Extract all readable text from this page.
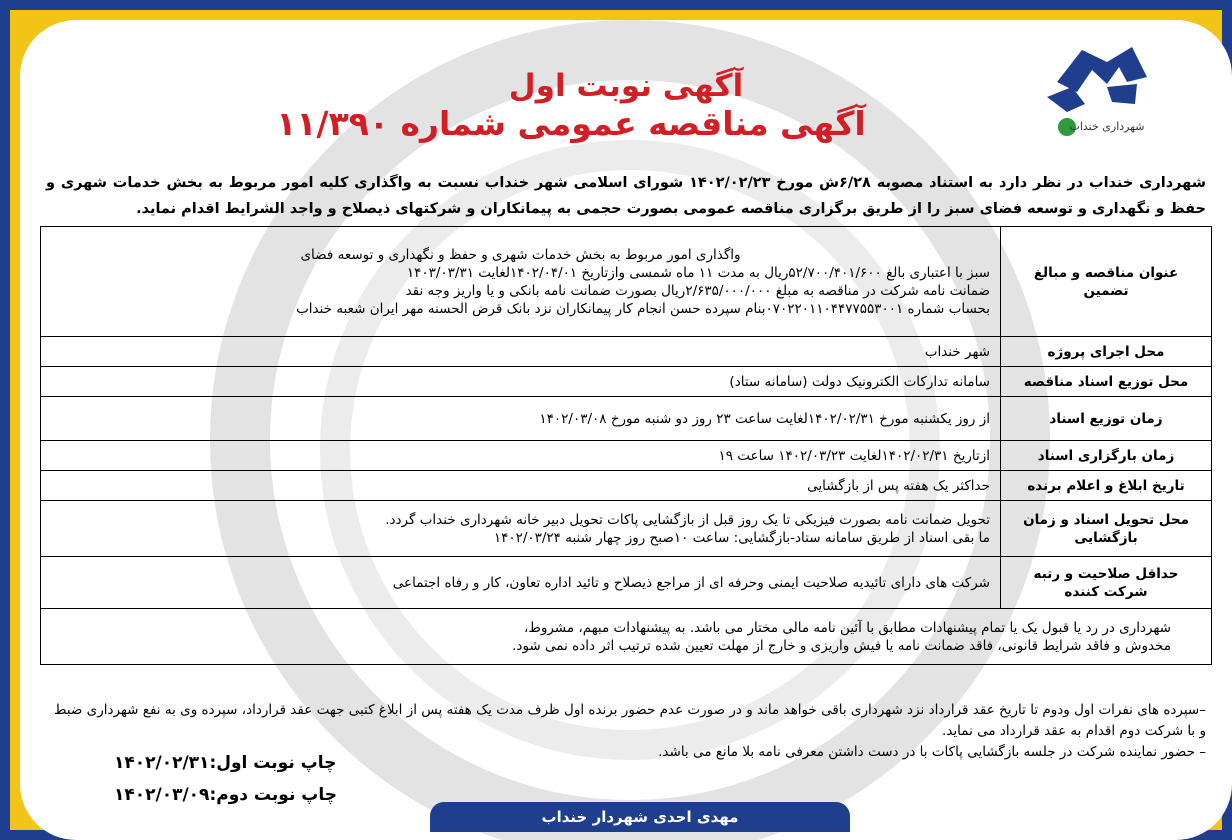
شهرداری خنداب
آگهی نوبت اول
آگهی مناقصه عمومی شماره ۱۱/۳۹۰
شهرداری خنداب در نظر دارد به استناد مصوبه ۶/۲۸ش مورخ ۱۴۰۲/۰۲/۲۳ شورای اسلامی شهر خنداب نسبت به واگذاری کلیه امور مربوط به بخش خدمات شهری و حفظ و نگهداری و توسعه فضای سبز را از طریق برگزاری مناقصه عمومی بصورت حجمی به پیمانکاران و شرکتهای ذیصلاح و واجد الشرایط اقدام نماید.
عنوان مناقصه و مبالغ تضمین	واگذاری امور مربوط به بخش خدمات شهری و حفظ و نگهداری و توسعه فضای
سبز با اعتباری بالغ ۵۲/۷۰۰/۴۰۱/۶۰۰ریال به مدت ۱۱ ماه شمسی وازتاریخ ۱۴۰۲/۰۴/۰۱لغایت ۱۴۰۳/۰۳/۳۱
ضمانت نامه شرکت در مناقصه به مبلغ ۲/۶۳۵/۰۰۰/۰۰۰ریال بصورت ضمانت نامه بانکی و یا واریز وجه نقد
بحساب شماره ۰۷۰۲۲۰۱۱۰۴۴۷۷۵۵۳۰۰۱بنام سپرده حسن انجام کار پیمانکاران نزد بانک قرض الحسنه مهر ایران شعبه خنداب

محل اجرای پروژه	شهر خنداب

محل توزیع اسناد مناقصه	سامانه تدارکات الکترونیک دولت (سامانه ستاد)

زمان توزیع اسناد	از روز یکشنبه مورخ ۱۴۰۲/۰۲/۳۱لغایت ساعت ۲۳ روز دو شنبه مورخ ۱۴۰۲/۰۳/۰۸

زمان بارگزاری اسناد	ازتاریخ ۱۴۰۲/۰۲/۳۱لغایت ۱۴۰۲/۰۳/۲۳ ساعت ۱۹

تاریخ ابلاغ و اعلام برنده	حداکثر یک هفته پس از بازگشایی

محل تحویل اسناد و زمان بازگشایی	تحویل ضمانت نامه بصورت فیزیکی تا یک روز قبل از بازگشایی پاکات تحویل دبیر خانه شهرداری خنداب گردد.
ما بقی اسناد از طریق سامانه ستاد-بازگشایی: ساعت ۱۰صبح روز چهار شنبه ۱۴۰۲/۰۳/۲۴

حداقل صلاحیت و رتبه شرکت کننده	شرکت های دارای تائیدیه صلاحیت ایمنی وحرفه ای از مراجع ذیصلاح و تائید اداره تعاون، کار و رفاه اجتماعی

شهرداری در رد یا قبول یک یا تمام پیشنهادات مطابق با آئین نامه مالی مختار می باشد. به پیشنهادات مبهم، مشروط،
مخدوش و فاقد شرایط قانونی، فاقد ضمانت نامه یا فیش واریزی و خارج از مهلت تعیین شده ترتیب اثر داده نمی شود.	
–سپرده های نفرات اول ودوم تا تاریخ عقد قرارداد نزد شهرداری باقی خواهد ماند و در صورت عدم حضور برنده اول ظرف مدت یک هفته پس از ابلاغ کتبی جهت عقد قرارداد، سپرده وی به نفع شهرداری ضبط و با شرکت دوم اقدام به عقد قرارداد می نماید.
– حضور نماینده شرکت در جلسه بازگشایی پاکات با در دست داشتن معرفی نامه بلا مانع می باشد.
چاپ نوبت اول:۱۴۰۲/۰۲/۳۱
چاپ نوبت دوم:۱۴۰۲/۰۳/۰۹
مهدی احدی شهردار خنداب
